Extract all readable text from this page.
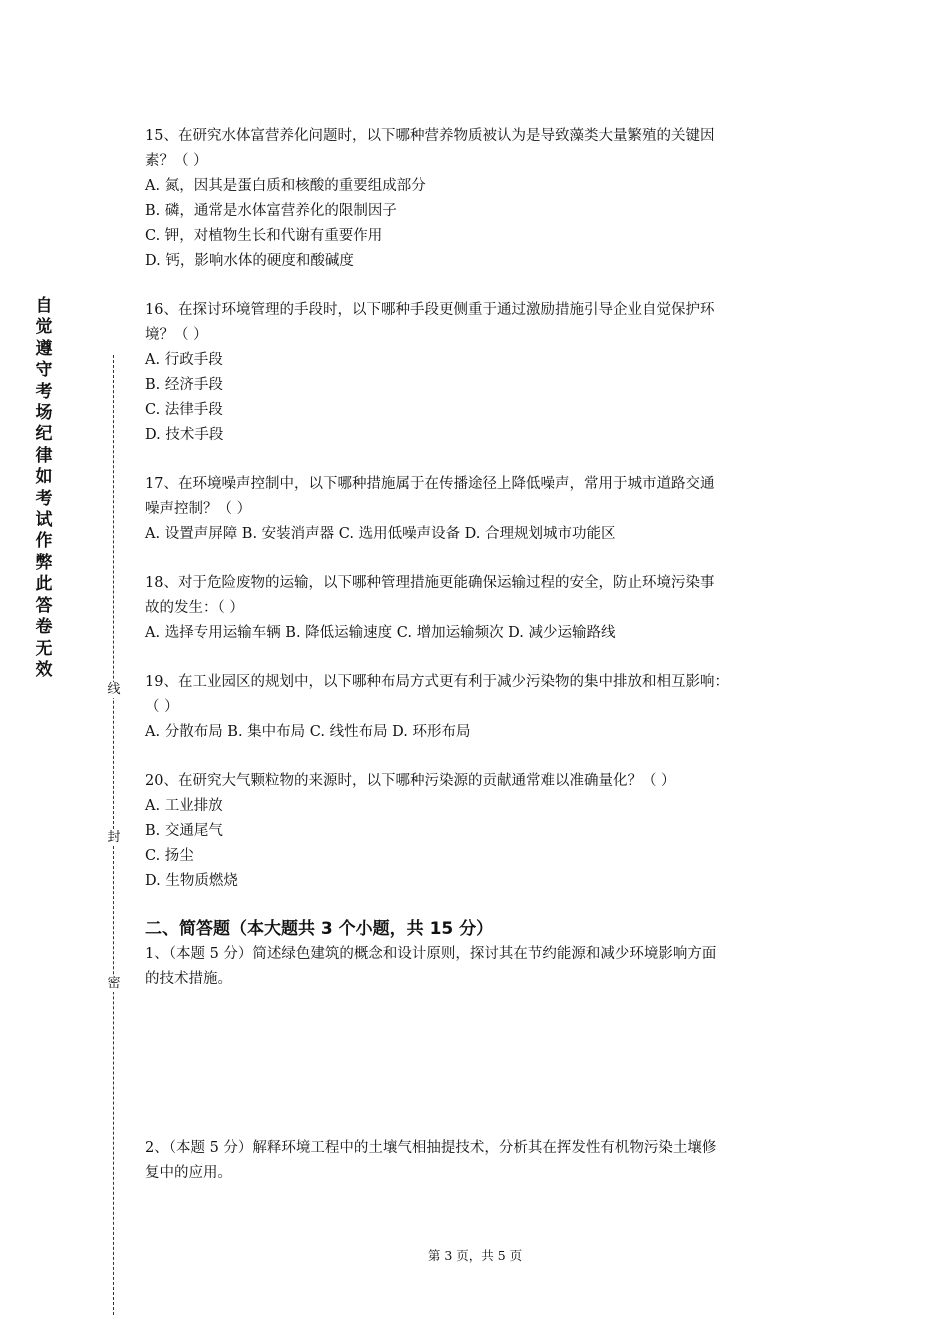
自觉遵守考场纪律如考试作弊此答卷无效
线
封
密

15、在研究水体富营养化问题时，以下哪种营养物质被认为是导致藻类大量繁殖的关键因

素？（ ）

A. 氮，因其是蛋白质和核酸的重要组成部分

B. 磷，通常是水体富营养化的限制因子

C. 钾，对植物生长和代谢有重要作用

D. 钙，影响水体的硬度和酸碱度

16、在探讨环境管理的手段时，以下哪种手段更侧重于通过激励措施引导企业自觉保护环

境？（ ）

A. 行政手段

B. 经济手段

C. 法律手段

D. 技术手段

17、在环境噪声控制中，以下哪种措施属于在传播途径上降低噪声，常用于城市道路交通

噪声控制？（ ）

A. 设置声屏障 B. 安装消声器 C. 选用低噪声设备 D. 合理规划城市功能区

18、对于危险废物的运输，以下哪种管理措施更能确保运输过程的安全，防止环境污染事

故的发生：（ ）

A. 选择专用运输车辆 B. 降低运输速度 C. 增加运输频次 D. 减少运输路线

19、在工业园区的规划中，以下哪种布局方式更有利于减少污染物的集中排放和相互影响：

（ ）

A. 分散布局 B. 集中布局 C. 线性布局 D. 环形布局

20、在研究大气颗粒物的来源时，以下哪种污染源的贡献通常难以准确量化？（ ）

A. 工业排放

B. 交通尾气

C. 扬尘

D. 生物质燃烧

二、简答题（本大题共 3 个小题，共 15 分）

1、（本题 5 分）简述绿色建筑的概念和设计原则，探讨其在节约能源和减少环境影响方面

的技术措施。

2、（本题 5 分）解释环境工程中的土壤气相抽提技术，分析其在挥发性有机物污染土壤修

复中的应用。

第 3 页，共 5 页
